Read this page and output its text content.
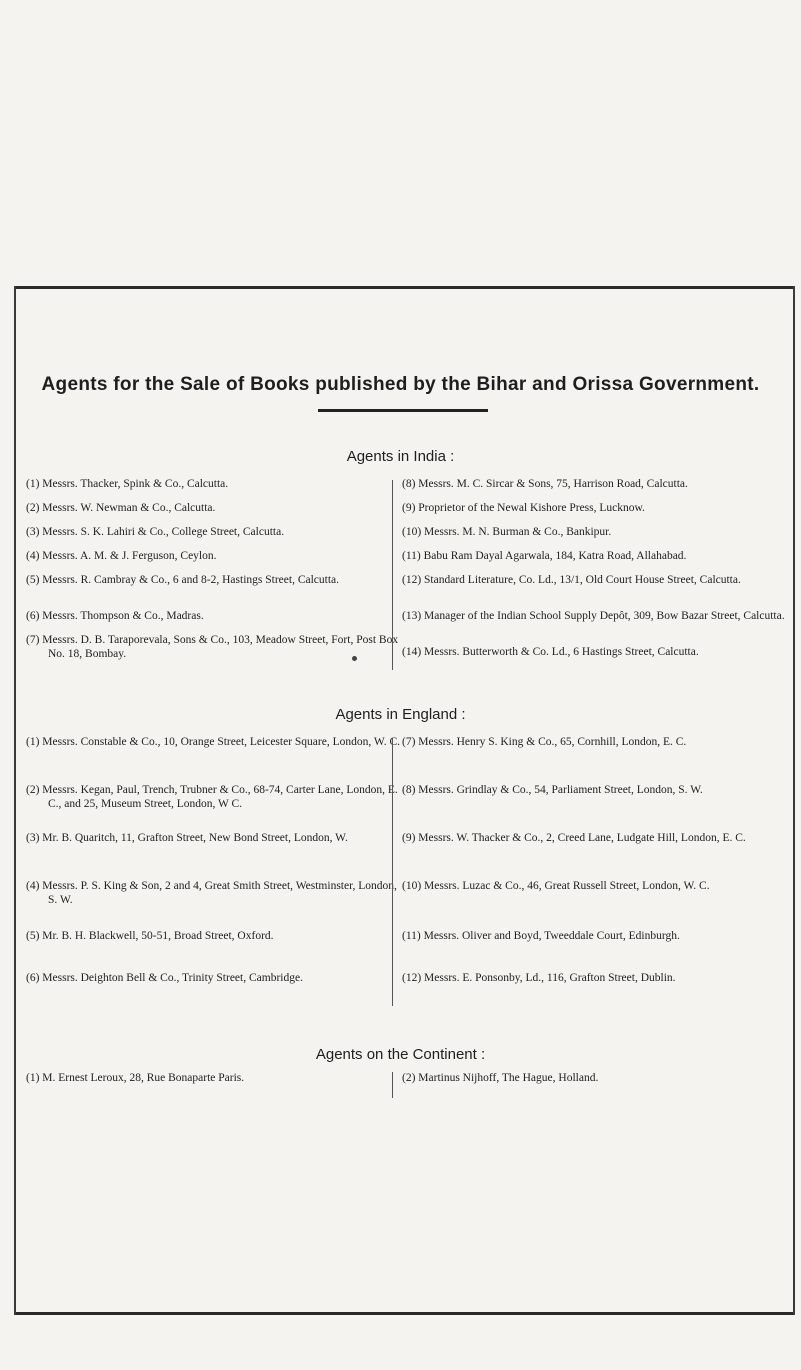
Agents for the Sale of Books published by the Bihar and Orissa Government.
Agents in India :
(1) Messrs. Thacker, Spink & Co., Calcutta.
(2) Messrs. W. Newman & Co., Calcutta.
(3) Messrs. S. K. Lahiri & Co., College Street, Calcutta.
(4) Messrs. A. M. & J. Ferguson, Ceylon.
(5) Messrs. R. Cambray & Co., 6 and 8-2, Hastings Street, Calcutta.
(6) Messrs. Thompson & Co., Madras.
(7) Messrs. D. B. Taraporevala, Sons & Co., 103, Meadow Street, Fort, Post Box No. 18, Bombay.
(8) Messrs. M. C. Sircar & Sons, 75, Harrison Road, Calcutta.
(9) Proprietor of the Newal Kishore Press, Lucknow.
(10) Messrs. M. N. Burman & Co., Bankipur.
(11) Babu Ram Dayal Agarwala, 184, Katra Road, Allahabad.
(12) Standard Literature, Co. Ld., 13/1, Old Court House Street, Calcutta.
(13) Manager of the Indian School Supply Depôt, 309, Bow Bazar Street, Calcutta.
(14) Messrs. Butterworth & Co. Ld., 6 Hastings Street, Calcutta.
Agents in England :
(1) Messrs. Constable & Co., 10, Orange Street, Leicester Square, London, W. C.
(2) Messrs. Kegan, Paul, Trench, Trubner & Co., 68-74, Carter Lane, London, E. C., and 25, Museum Street, London, W C.
(3) Mr. B. Quaritch, 11, Grafton Street, New Bond Street, London, W.
(4) Messrs. P. S. King & Son, 2 and 4, Great Smith Street, Westminster, London, S. W.
(5) Mr. B. H. Blackwell, 50-51, Broad Street, Oxford.
(6) Messrs. Deighton Bell & Co., Trinity Street, Cambridge.
(7) Messrs. Henry S. King & Co., 65, Cornhill, London, E. C.
(8) Messrs. Grindlay & Co., 54, Parliament Street, London, S. W.
(9) Messrs. W. Thacker & Co., 2, Creed Lane, Ludgate Hill, London, E. C.
(10) Messrs. Luzac & Co., 46, Great Russell Street, London, W. C.
(11) Messrs. Oliver and Boyd, Tweeddale Court, Edinburgh.
(12) Messrs. E. Ponsonby, Ld., 116, Grafton Street, Dublin.
Agents on the Continent :
(1) M. Ernest Leroux, 28, Rue Bonaparte Paris.	(2) Martinus Nijhoff, The Hague, Holland.
